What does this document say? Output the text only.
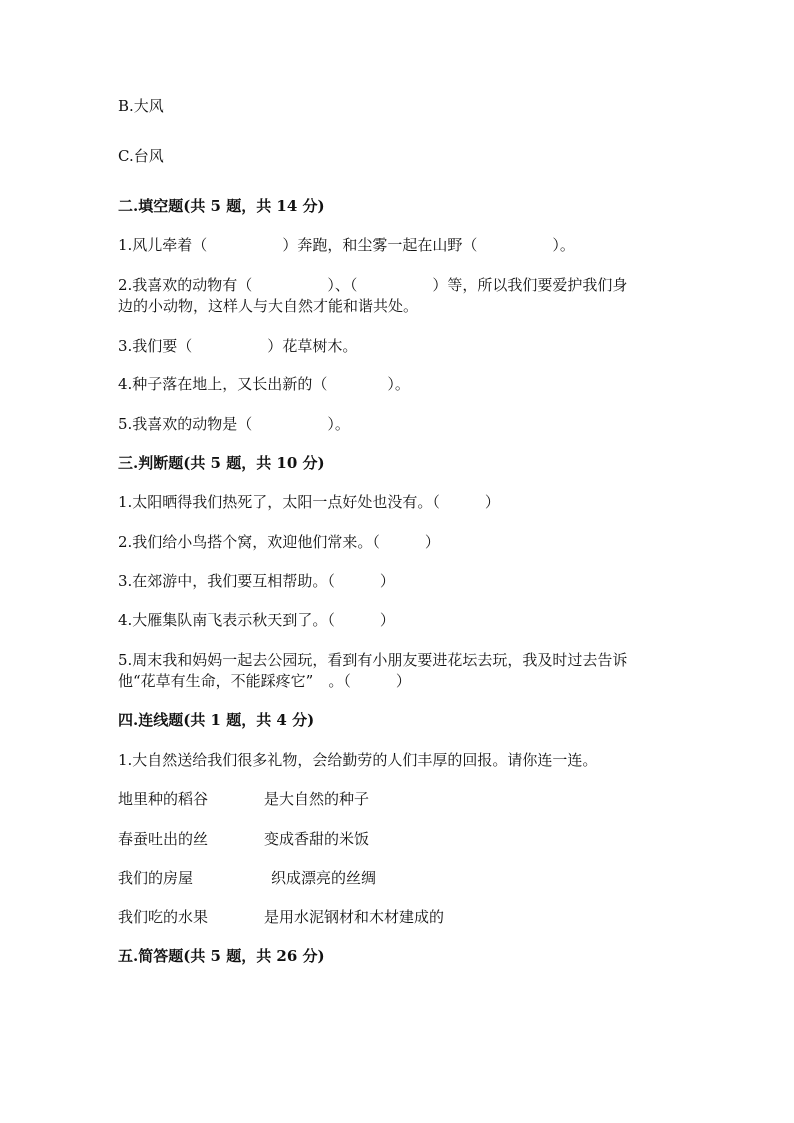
B.大风
C.台风
二.填空题(共 5 题，共 14 分)
1.风儿牵着（　　　　　）奔跑，和尘雾一起在山野（　　　　　）。
2.我喜欢的动物有（　　　　　）、（　　　　　）等，所以我们要爱护我们身
边的小动物，这样人与大自然才能和谐共处。
3.我们要（　　　　　）花草树木。
4.种子落在地上，又长出新的（　　　　）。
5.我喜欢的动物是（　　　　　）。
三.判断题(共 5 题，共 10 分)
1.太阳晒得我们热死了，太阳一点好处也没有。（　　　）
2.我们给小鸟搭个窝，欢迎他们常来。（　　　）
3.在郊游中，我们要互相帮助。（　　　）
4.大雁集队南飞表示秋天到了。（　　　）
5.周末我和妈妈一起去公园玩，看到有小朋友要进花坛去玩，我及时过去告诉
他“花草有生命，不能踩疼它”　。（　　　）
四.连线题(共 1 题，共 4 分)
1.大自然送给我们很多礼物，会给勤劳的人们丰厚的回报。请你连一连。
地里种的稻谷	是大自然的种子
春蚕吐出的丝	变成香甜的米饭
我们的房屋	织成漂亮的丝绸
我们吃的水果	是用水泥钢材和木材建成的
五.简答题(共 5 题，共 26 分)
